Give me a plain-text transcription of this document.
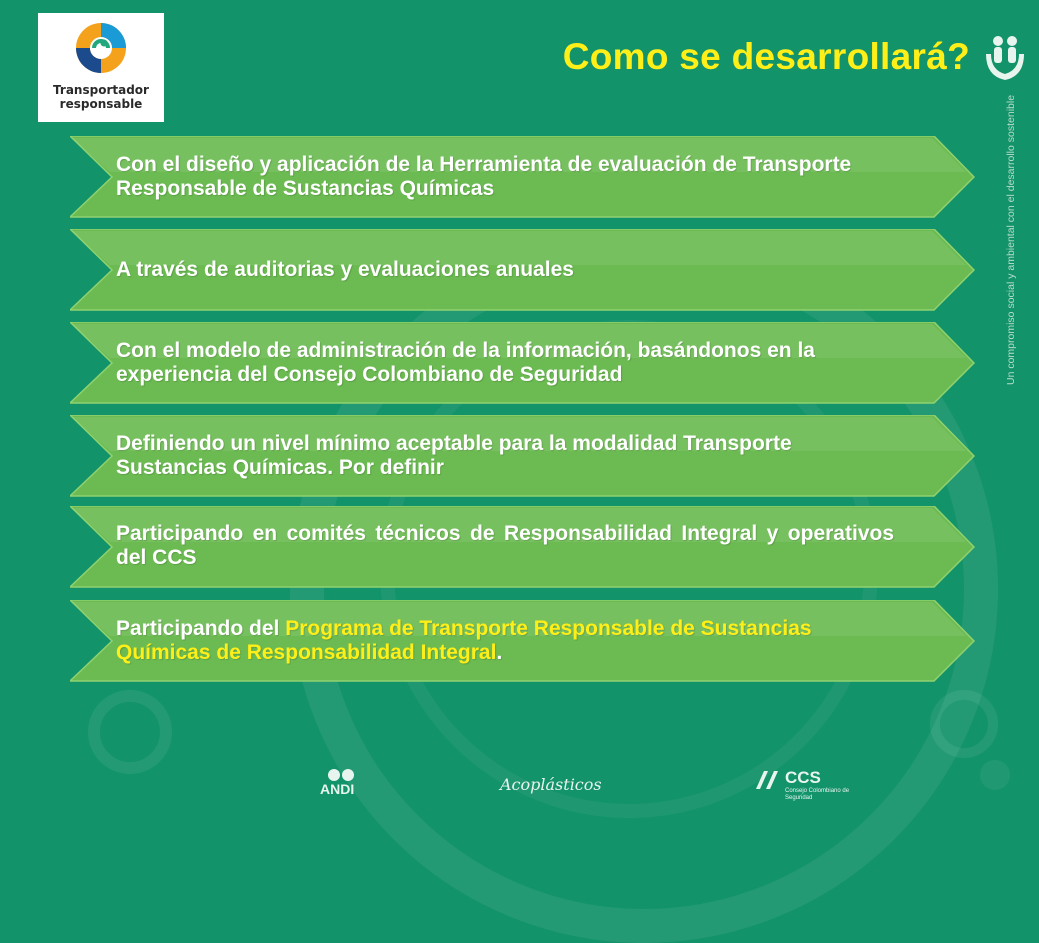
Transportador
responsable
Como se desarrollará?
Un compromiso social y ambiental con el desarrollo sostenible
Con el diseño y aplicación de la Herramienta de evaluación de Transporte Responsable de Sustancias Químicas
A través de auditorias y evaluaciones anuales
Con el modelo de administración de la información, basándonos en la experiencia del Consejo Colombiano de Seguridad
Definiendo un nivel mínimo aceptable para la modalidad Transporte Sustancias Químicas. Por definir
Participando en comités técnicos de Responsabilidad Integral y operativos del CCS
Participando del Programa de Transporte Responsable de Sustancias Químicas de Responsabilidad Integral.
ANDI	Acoplásticos	CCS
Consejo Colombiano de Seguridad
